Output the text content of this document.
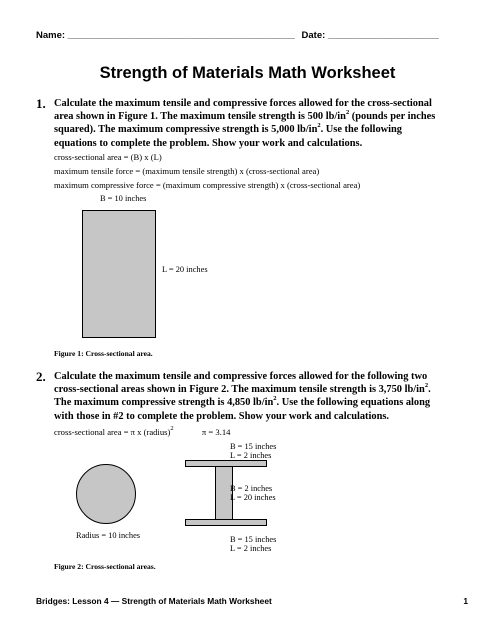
Name: ___________________________________________ Date: _____________________
Strength of Materials Math Worksheet
1. Calculate the maximum tensile and compressive forces allowed for the cross-sectional

area shown in Figure 1. The maximum tensile strength is 500 $lb/in^2$ (pounds per inches

squared). The maximum compressive strength is 5,000 $lb/in^2$. Use the following

equations to complete the problem. Show your work and calculations.

cross-sectional area = (B) x (L)
maximum tensile force = (maximum tensile strength) x (cross-sectional area)
maximum compressive force = (maximum compressive strength) x (cross-sectional area)
B = 10 inches
L = 20 inches
Figure 1: Cross-sectional area.
2. Calculate the maximum tensile and compressive forces allowed for the following two

cross-sectional areas shown in Figure 2. The maximum tensile strength is 3,750 $lb/in^2$.

The maximum compressive strength is 4,850 $lb/in^2$. Use the following equations along

with those in #2 to complete the problem. Show your work and calculations.

cross-sectional area = π x (radius)$^2$	π = 3.14
Radius = 10 inches
B = 15 inches
L = 2 inches
B = 2 inches
L = 20 inches
B = 15 inches
L = 2 inches
Figure 2: Cross-sectional areas.
Bridges: Lesson 4 — Strength of Materials Math Worksheet	1
